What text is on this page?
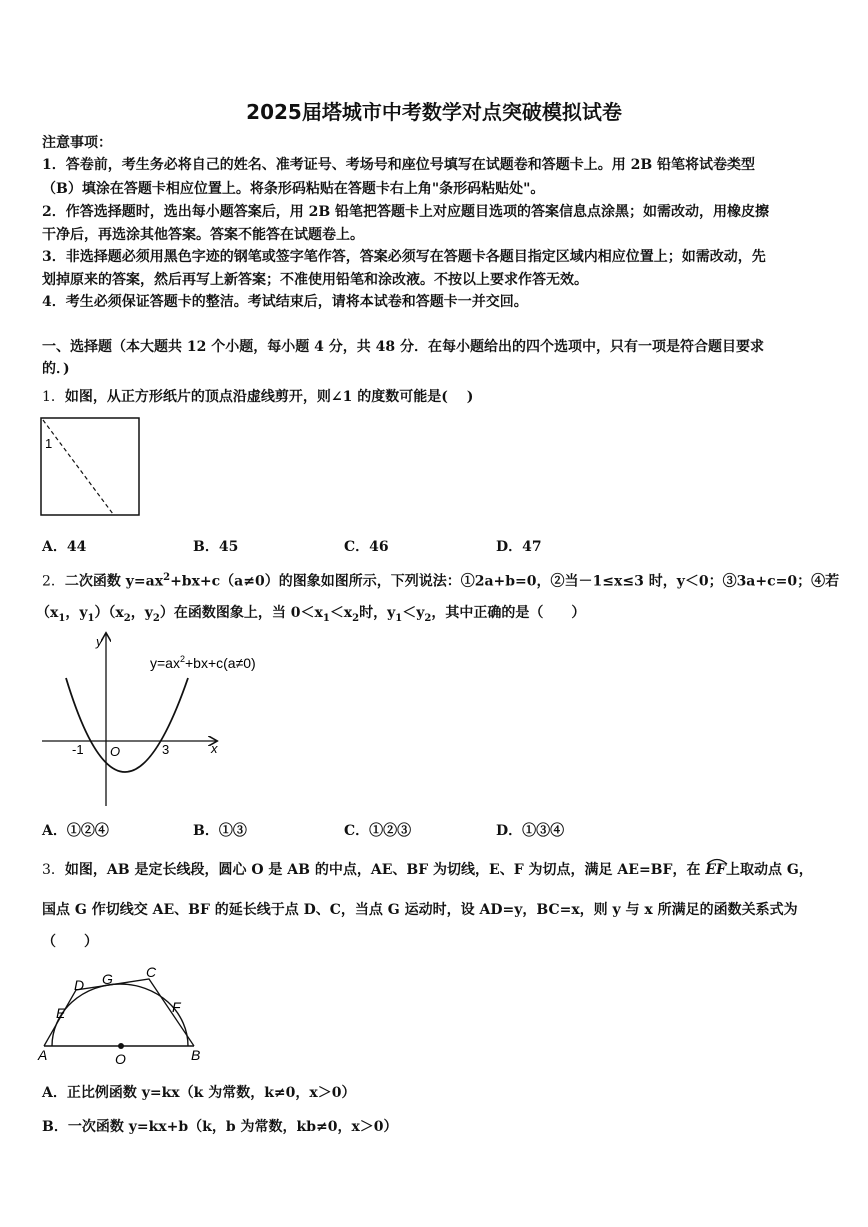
2025届塔城市中考数学对点突破模拟试卷
注意事项：
1．答卷前，考生务必将自己的姓名、准考证号、考场号和座位号填写在试题卷和答题卡上。用 2B 铅笔将试卷类型
（B）填涂在答题卡相应位置上。将条形码粘贴在答题卡右上角"条形码粘贴处"。
2．作答选择题时，选出每小题答案后，用 2B 铅笔把答题卡上对应题目选项的答案信息点涂黑；如需改动，用橡皮擦
干净后，再选涂其他答案。答案不能答在试题卷上。
3．非选择题必须用黑色字迹的钢笔或签字笔作答，答案必须写在答题卡各题目指定区域内相应位置上；如需改动，先
划掉原来的答案，然后再写上新答案；不准使用铅笔和涂改液。不按以上要求作答无效。
4．考生必须保证答题卡的整洁。考试结束后，请将本试卷和答题卡一并交回。
一、选择题（本大题共 12 个小题，每小题 4 分，共 48 分．在每小题给出的四个选项中，只有一项是符合题目要求
的．)
1．如图，从正方形纸片的顶点沿虚线剪开，则∠1 的度数可能是(　 )
1
A．44	B．45	C．46	D．47
2．二次函数 $y=ax^2+bx+c(a\ne 0)$的图象如图所示，下列说法：①2a+b=0，②当－1≤x≤3 时，y＜0；③3a+c=0；④若
（$x_1$，$y_1)(x_2$，$y_2$）在函数图象上，当 $0<x_1<x_2$时，$y_1<y_2$，其中正确的是（　　）
y
x
O
-1	3
$y=ax^2+bx+c(a\ne 0)$
A．①②④	B．①③	C．①②③	D．①③④
3．如图，AB 是定长线段，圆心 O 是 AB 的中点，AE、BF 为切线，E、F 为切点，满足 AE=BF，在 EF上取动点 G，
国点 G 作切线交 AE、BF 的延长线于点 D、C，当点 G 运动时，设 AD=y，BC=x，则 y 与 x 所满足的函数关系式为
（　　）
A	B
C
D
E	F
G
O
A．正比例函数 y=kx（k 为常数，k≠0，x＞0）
B．一次函数 y=kx+b（k，b 为常数，kb≠0，x＞0）
